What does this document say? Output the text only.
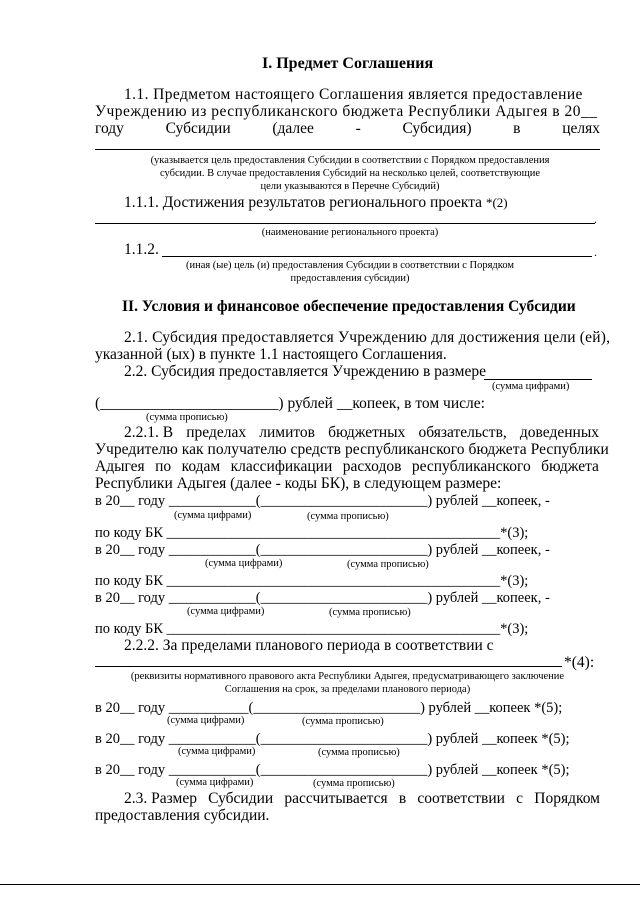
I. Предмет Соглашения
1.1. Предметом настоящего Соглашения является предоставление
Учреждению из республиканского бюджета Республики Адыгея в 20__
году	Субсидии	(далее	-	Субсидия)	в	целях
(указывается цель предоставления Субсидии в соответствии с Порядком предоставления
субсидии. В случае предоставления Субсидий на несколько целей, соответствующие
цели указываются в Перечне Субсидий)
1.1.1. Достижения результатов регионального проекта *(2)
.
(наименование регионального проекта)
1.1.2.	.
(иная (ые) цель (и) предоставления Субсидии в соответствии с Порядком
предоставления субсидии)
II. Условия и финансовое обеспечение предоставления Субсидии
2.1. Субсидия предоставляется Учреждению для достижения цели (ей),
указанной (ых) в пункте 1.1 настоящего Соглашения.
2.2. Субсидия предоставляется Учреждению в размере
(сумма цифрами)
(_______________________) рублей __копеек, в том числе:
(сумма прописью)
2.2.1. В пределах лимитов бюджетных обязательств, доведенных
Учредителю как получателю средств республиканского бюджета Республики
Адыгея по кодам классификации расходов республиканского бюджета
Республики Адыгея (далее - коды БК), в следующем размере:
в 20__ году ____________(_______________________) рублей __копеек, -
(сумма цифрами)	(сумма прописью)
по коду БК ______________________________________________*(3);
в 20__ году ____________(_______________________) рублей __копеек, -
(сумма цифрами)	(сумма прописью)
по коду БК ______________________________________________*(3);
в 20__ году ____________(_______________________) рублей __копеек, -
(сумма цифрами)	(сумма прописью)
по коду БК ______________________________________________*(3);
2.2.2. За пределами планового периода в соответствии с
*(4):
(реквизиты нормативного правового акта Республики Адыгея, предусматривающего заключение
Соглашения на срок, за пределами планового периода)
в 20__ году ___________(_______________________) рублей __копеек *(5);
(сумма цифрами)	(сумма прописью)
в 20__ году ____________(_______________________) рублей __копеек *(5);
(сумма цифрами)	(сумма прописью)
в 20__ году ____________(_______________________) рублей __копеек *(5);
(сумма цифрами)	(сумма прописью)
2.3. Размер Субсидии рассчитывается в соответствии с Порядком
предоставления субсидии.
